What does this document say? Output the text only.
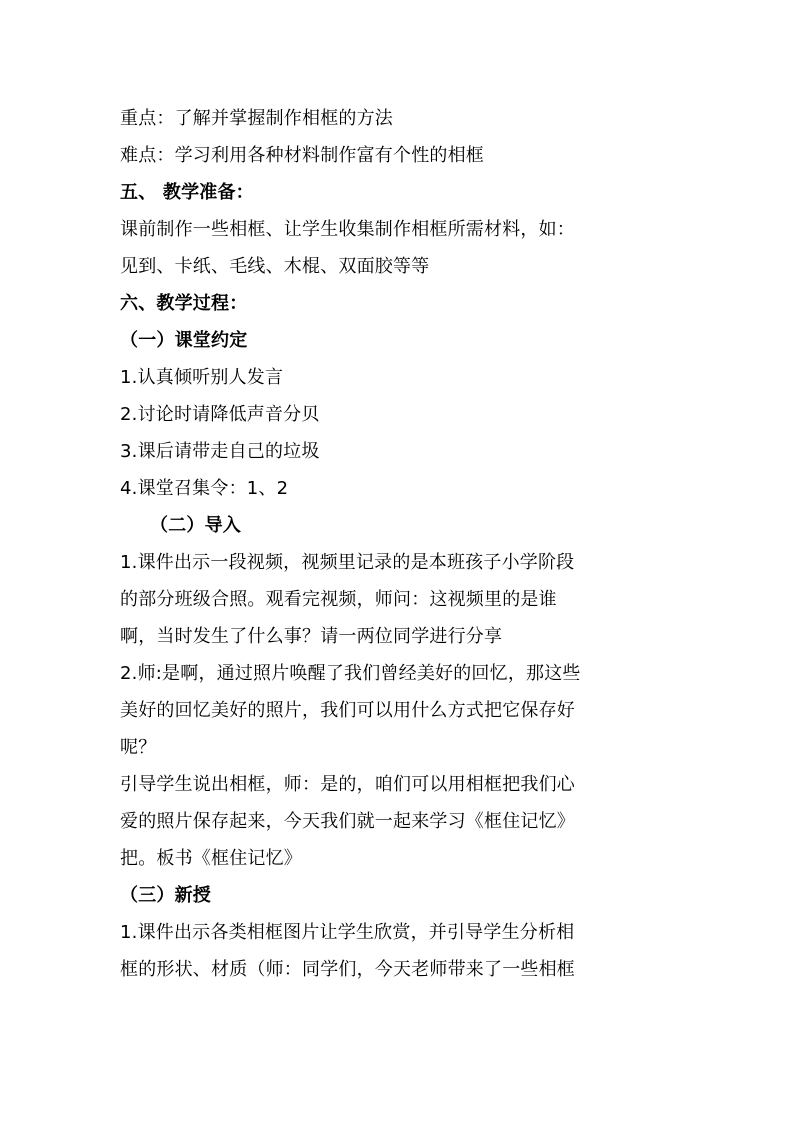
重点：了解并掌握制作相框的方法
难点：学习利用各种材料制作富有个性的相框
五、 教学准备：
课前制作一些相框、让学生收集制作相框所需材料，如：
见到、卡纸、毛线、木棍、双面胶等等
六、教学过程：
（一）课堂约定
1.认真倾听别人发言
2.讨论时请降低声音分贝
3.课后请带走自己的垃圾
4.课堂召集令：1、2
（二）导入
1.课件出示一段视频，视频里记录的是本班孩子小学阶段
的部分班级合照。观看完视频，师问：这视频里的是谁
啊，当时发生了什么事？请一两位同学进行分享
2.师:是啊，通过照片唤醒了我们曾经美好的回忆，那这些
美好的回忆美好的照片，我们可以用什么方式把它保存好
呢？
引导学生说出相框，师：是的，咱们可以用相框把我们心
爱的照片保存起来，今天我们就一起来学习《框住记忆》
把。板书《框住记忆》
（三）新授
1.课件出示各类相框图片让学生欣赏，并引导学生分析相
框的形状、材质（师：同学们，今天老师带来了一些相框
